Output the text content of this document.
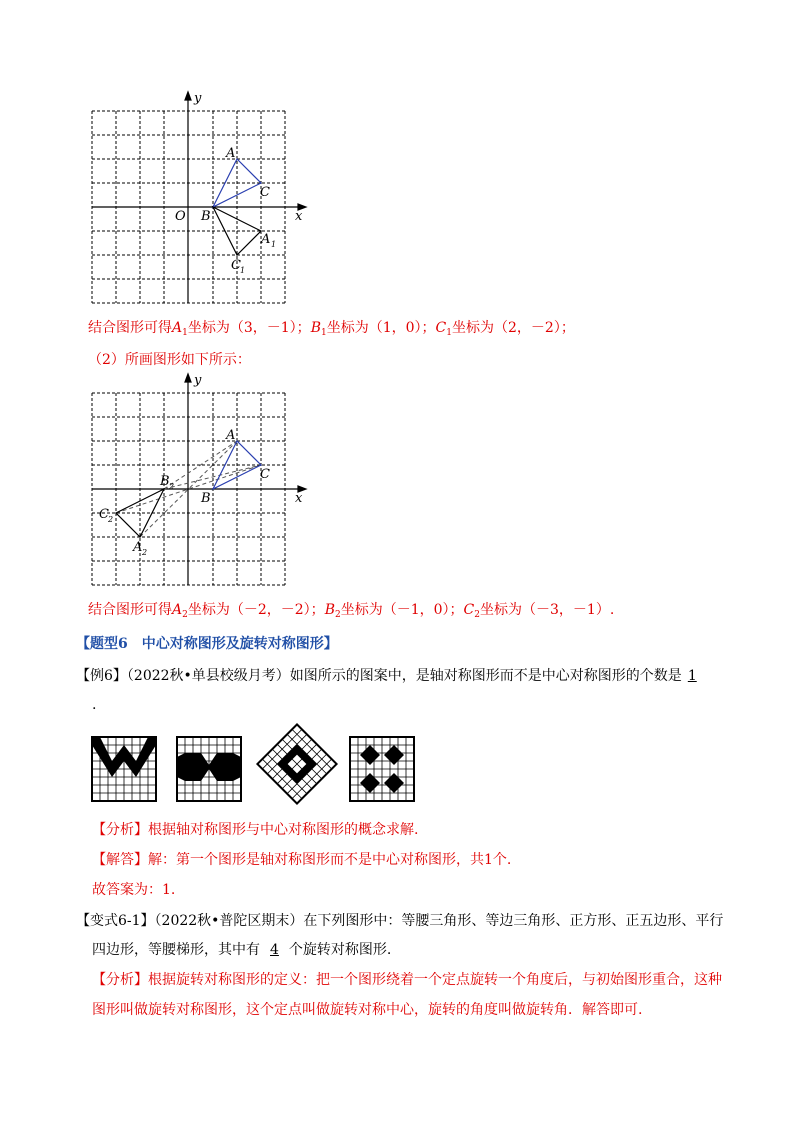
y
x
O
A
C
B
A 1
C 1
结合图形可得$A_1$坐标为（3，－1）；$B_1$坐标为（1，0）；$C_1$坐标为（2，－2）；
（2）所画图形如下所示：
y
x
A
C
B
B 2
C 2
A 2
结合图形可得$A_2$坐标为（－2，－2）；$B_2$坐标为（－1，0）；$C_2$坐标为（－3，－1）.
【题型6　中心对称图形及旋转对称图形】
【例6】（2022秋•单县校级月考）如图所示的图案中，是轴对称图形而不是中心对称图形的个数是 1
.
【分析】根据轴对称图形与中心对称图形的概念求解.
【解答】解：第一个图形是轴对称图形而不是中心对称图形，共1个.
故答案为：1.
【变式6-1】（2022秋•普陀区期末）在下列图形中：等腰三角形、等边三角形、正方形、正五边形、平行
四边形，等腰梯形，其中有 4 个旋转对称图形.
【分析】根据旋转对称图形的定义：把一个图形绕着一个定点旋转一个角度后，与初始图形重合，这种
图形叫做旋转对称图形，这个定点叫做旋转对称中心，旋转的角度叫做旋转角．解答即可.
